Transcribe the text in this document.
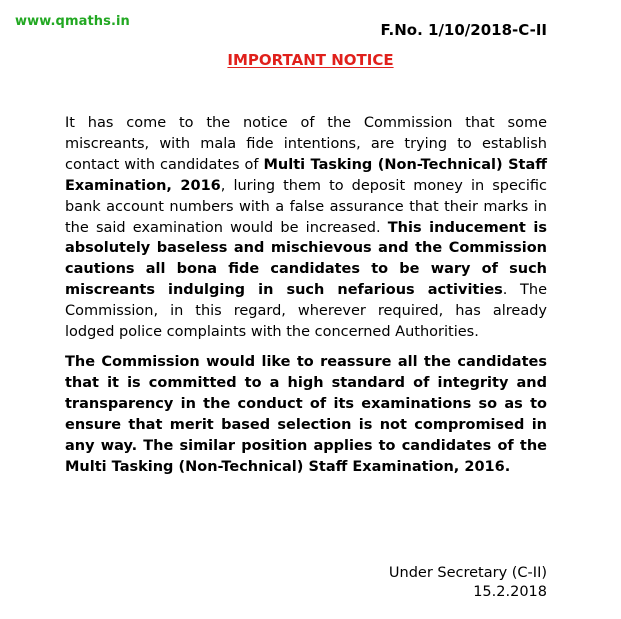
www.qmaths.in	F.No. 1/10/2018-C-II
IMPORTANT NOTICE

It has come to the notice of the Commission that some miscreants, with mala fide intentions, are trying to establish contact with candidates of Multi Tasking (Non-Technical) Staff Examination, 2016, luring them to deposit money in specific bank account numbers with a false assurance that their marks in the said examination would be increased. This inducement is absolutely baseless and mischievous and the Commission cautions all bona fide candidates to be wary of such miscreants indulging in such nefarious activities. The Commission, in this regard, wherever required, has already lodged police complaints with the concerned Authorities.

The Commission would like to reassure all the candidates that it is committed to a high standard of integrity and transparency in the conduct of its examinations so as to ensure that merit based selection is not compromised in any way. The similar position applies to candidates of the Multi Tasking (Non-Technical) Staff Examination, 2016.

Under Secretary (C-II)
15.2.2018
